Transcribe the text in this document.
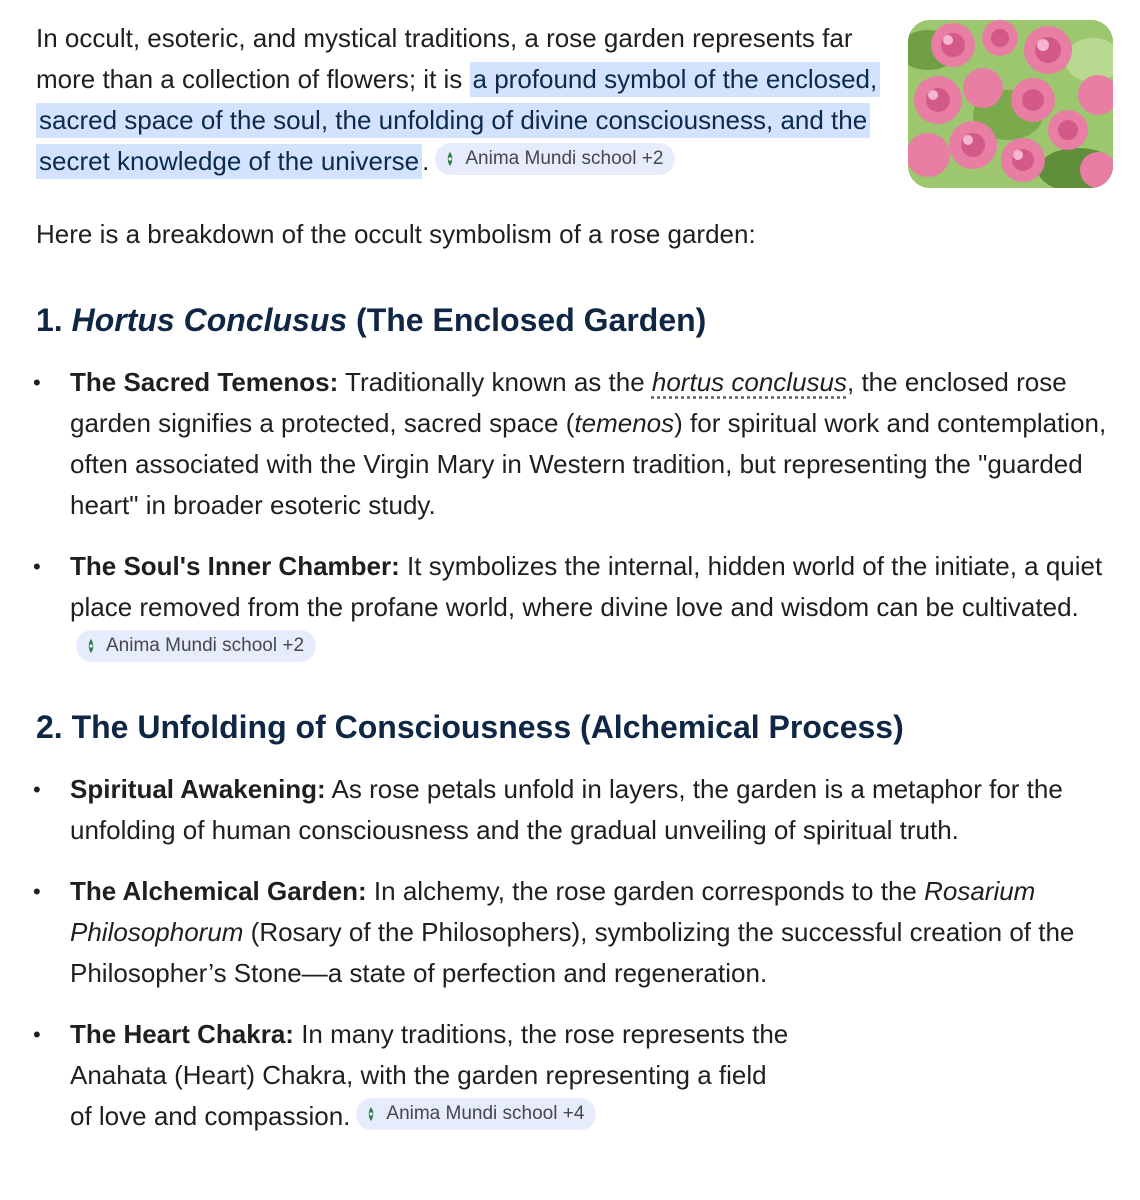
In occult, esoteric, and mystical traditions, a rose garden represents far more than a collection of flowers; it is a profound symbol of the enclosed, sacred space of the soul, the unfolding of divine consciousness, and the secret knowledge of the universe . Anima Mundi school +2

Here is a breakdown of the occult symbolism of a rose garden:

1. Hortus Conclusus (The Enclosed Garden)
• The Sacred Temenos: Traditionally known as the hortus conclusus, the enclosed rose garden signifies a protected, sacred space (temenos) for spiritual work and contemplation, often associated with the Virgin Mary in Western tradition, but representing the "guarded heart" in broader esoteric study.
• The Soul's Inner Chamber: It symbolizes the internal, hidden world of the initiate, a quiet place removed from the profane world, where divine love and wisdom can be cultivated.
Anima Mundi school +2
2. The Unfolding of Consciousness (Alchemical Process)
• Spiritual Awakening: As rose petals unfold in layers, the garden is a metaphor for the unfolding of human consciousness and the gradual unveiling of spiritual truth.
• The Alchemical Garden: In alchemy, the rose garden corresponds to the Rosarium Philosophorum (Rosary of the Philosophers), symbolizing the successful creation of the Philosopher’s Stone—a state of perfection and regeneration.
• The Heart Chakra: In many traditions, the rose represents the Anahata (Heart) Chakra, with the garden representing a field of love and compassion. Anima Mundi school +4
